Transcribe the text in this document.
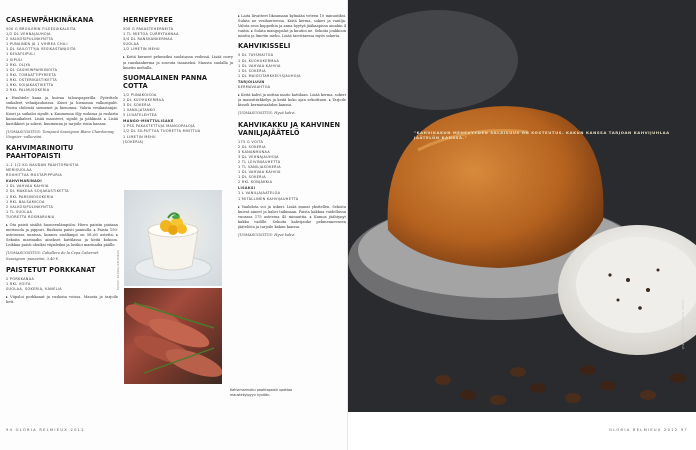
CASHEWPÄHKINÄKANA
500 G BROILERIN FILEESUIKALEITA
1/2 DL VEHNÄJAUHOJA
2 VALKOSIPULINKYNTTÄ
1 PUNAINEN JA 1 VIHREÄ CHILI
1 DL SÄILÖTTYJÄ VESIKASTANJOITA
1 KEVÄTSIPULI
1 SIPULI
2 RKL ÖLJYÄ
1 DL CASHEWPÄHKINÖITÄ
1 RKL TOMAATTIPYREETÄ
1 RKL OSTERIKASTIKETTA
1 RKL SOIJAKASTIKETTA
2 RKL PALMUSOKERIA

▸ Huuhtele kana ja kuivaa talouspaperilla. Pyörittele suikaleet vehnäjauhoissa. Kuori ja hienonna valkosipulit. Poista chileistä siemenet ja hienonna. Valuta vesikastanjat. Kuori ja suikaloi sipulit. ▸ Kuumenna öljy wokissa ja ruskista kanasuikaleet. Lisää mausteet, sipulit ja pähkinät. ▸ Lisää kastikkeet ja sokeri, kuumenna ja tarjoile riisin kanssa.

JUOMASUOSITUS: Torapacá Sauvignon Blanc Chardonnay Viognier -valkoviini.

KAHVIMARINOITU PAAHTOPAISTI
1–1 1/2 KG NAUDAN PAAHTOPAISTIA
MERISUOLAA
ROUHITTUA MUSTAPIPPURIA
KAHVIMARINADI
1 DL VAHVAA KAHVIA
2 DL MAKEAA SOIJAKASTIKETTA
1 RKL PARSINOSOKERIA
1 RKL BALSAMICOA
2 VALKOSIPULINKYNTTÄ
1 TL SUOLAA
TUORETTA ROSMARIINIA

▸ Ota paisti sisältä huoneenlämpöön. Hiero paistin pintaan merisuola ja pippuri. Ruskista paisti pannulla. ▸ Paista 150-asteisessa uunissa, kunnes sisälämpö on 58–60 astetta. ▸ Sekoita marinadin ainekset kattilassa ja keitä kokoon. Leikkaa paisti ohuiksi viipaleiksi ja lusikoi marinadia päälle.

JUOMASUOSITUS: Caballero de la Cepa Cabernet Sauvignon -punaviini, 3,40 €.

PAISTETUT PORKKANAT
2 PORKKANAA
1 RKL VOITA
SUOLAA, SOKERIA, KANELIA

▸ Viipaloi porkkanat ja ruskista voissa. Mausta ja tarjoile heti.

HERNEPYREE
500 G PAKASTEHERNEITÄ
1 TL MIETOA CURRYTAHNAA
3/4 DL RANSKANKERMAA
SUOLAA
1/2 LIMETIN MEHU

▸ Keitä herneet pehmeiksi suolatussa vedessä. Lisää curry ja ranskankerma ja soseuta tasaiseksi. Mausta suolalla ja limetin mehulla.

SUOMALAINEN PANNA COTTA
1/2 PUNAKOISOA
2 DL KUOHUKERMAA
3 DL SOKERIA
1 VANILJATANKO
5 LIIVATELEHTEÄ
MANGO-MINTTULISÄKE
1 PSS PAKASTETTUJA MANGOPALOJA
1/2 DL SILPUTTUA TUORETTA MINTTUA
1 LIMETIN MEHU
(SOKERIA)
KUVAT: GLORIA RELMIEUX

▸ Laita liivatteet likoamaan kylmään veteen 10 minuutiksi. Sulata ne vesihauteessa. Keitä kerma, sokeri ja vanilja. Valuta seos kuppeihin ja anna hyytyä jääkaapissa ainakin 4 tuntia. ▸ Sulata mangopalat ja kuutioi ne. Sekoita joukkoon minttu ja limetin mehu. Lisää tarvittaessa myös sokeria.

KAHVIKISSELI
5 DL TÄYSMAITOA
1 DL KUOHUKERMAA
1 DL VAHVAA KAHVIA
1 DL SOKERIA
1 DL MAISSITÄRKKELYSJAUHOJA
TARJOILUUN
KERMAVAAHTOA

▸ Keitä kahvi ja mittaa maito kattilaan. Lisää kerma, sokeri ja maissitärkkelys ja keitä koko ajan sekoittaen. ▸ Tarjoile kisseli kermavaahdon kanssa.

JUOMASUOSITUS: Hyvä kahvi.

KAHVIKAKKU JA KAHVINEN VANILJAJÄÄTELÖ
175 G VOITA
2 DL SOKERIA
3 KANANMUNAA
3 DL VEHNÄJAUHOJA
2 TL LEIVINJAUHETTA
1 TL VANILJASOKERIA
1 DL VAHVAA KAHVIA
1 DL SOKERIA
2 RKL KONJAKKIA
LISÄKSI
1 L VANILJAJÄÄTELÖÄ
1 MITALLINEN KAHVIJAUHETTA

▸ Vaahdota voi ja sokeri. Lisää munat yksitellen. Sekoita kuivat aineet ja kahvi taikinaan. Paista kakkua voidellussa vuoassa 175 asteessa 45 minuuttia. ▸ Kumoa jäähtynyt kakku vadille. Sekoita kahvijauhe pehmenneeseen jäätelöön ja tarjoile kakun kanssa.

JUOMASUOSITUS: Hyvä kahvi.

Kahvimarinoitu paahtopaisti upottaa maustekylpyyn hyvään.
94 GLORIA RELMIEUX 2012
"KAHVIKAKUN MEHEVYYDEN SALAISUUS ON KOSTEUTUS. KAKUN KANSSA TARJOAN KAHVIJUHLAA JÄÄTELÖN KANSSA."
KUVAT: KAHVIKAKKU JA JÄÄTELÖ
GLORIA RELMIEUX 2012 97
